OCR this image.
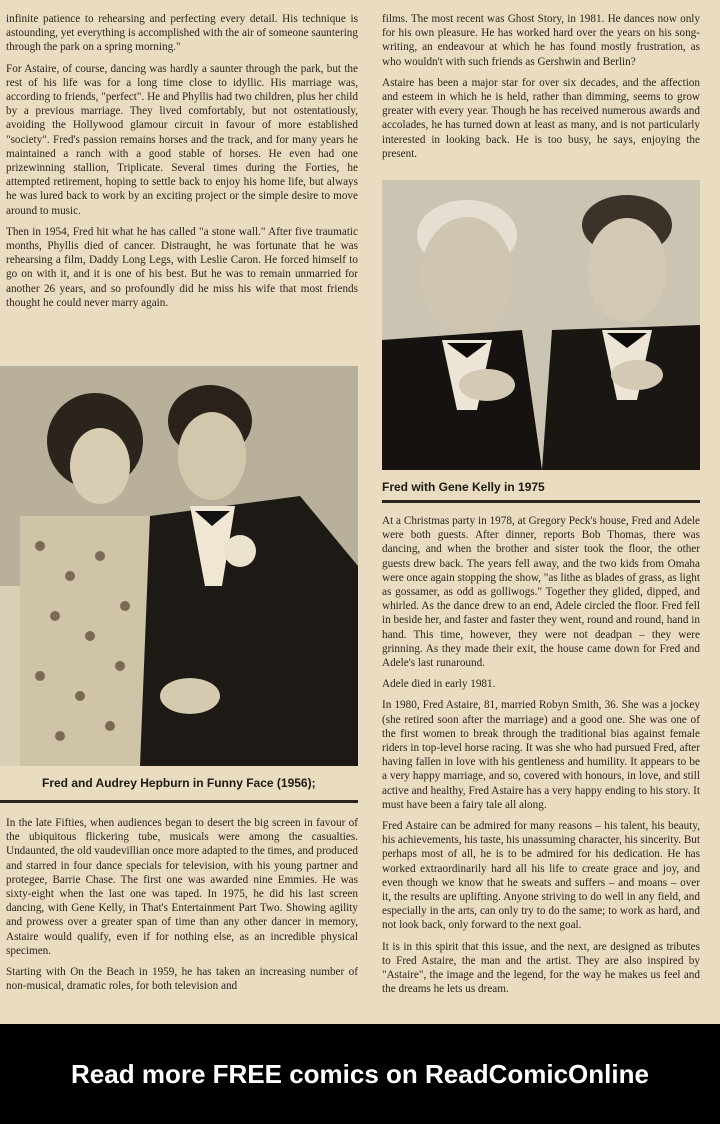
infinite patience to rehearsing and perfecting every detail. His technique is astounding, yet everything is accomplished with the air of someone sauntering through the park on a spring morning."

For Astaire, of course, dancing was hardly a saunter through the park, but the rest of his life was for a long time close to idyllic. His marriage was, according to friends, "perfect". He and Phyllis had two children, plus her child by a previous marriage. They lived comfortably, but not ostentatiously, avoiding the Hollywood glamour circuit in favour of more established "society". Fred's passion remains horses and the track, and for many years he maintained a ranch with a good stable of horses. He even had one prizewinning stallion, Triplicate. Several times during the Forties, he attempted retirement, hoping to settle back to enjoy his home life, but always he was lured back to work by an exciting project or the simple desire to move around to music.

Then in 1954, Fred hit what he has called "a stone wall." After five traumatic months, Phyllis died of cancer. Distraught, he was fortunate that he was rehearsing a film, Daddy Long Legs, with Leslie Caron. He forced himself to go on with it, and it is one of his best. But he was to remain unmarried for another 26 years, and so profoundly did he miss his wife that most friends thought he could never marry again.

Fred and Audrey Hepburn in Funny Face (1956);

In the late Fifties, when audiences began to desert the big screen in favour of the ubiquitous flickering tube, musicals were among the casualties. Undaunted, the old vaudevillian once more adapted to the times, and produced and starred in four dance specials for television, with his young partner and protegee, Barrie Chase. The first one was awarded nine Emmies. He was sixty-eight when the last one was taped. In 1975, he did his last screen dancing, with Gene Kelly, in That's Entertainment Part Two. Showing agility and prowess over a greater span of time than any other dancer in memory, Astaire would qualify, even if for nothing else, as an incredible physical specimen.

Starting with On the Beach in 1959, he has taken an increasing number of non-musical, dramatic roles, for both television and

films. The most recent was Ghost Story, in 1981. He dances now only for his own pleasure. He has worked hard over the years on his song-writing, an endeavour at which he has found mostly frustration, as who wouldn't with such friends as Gershwin and Berlin?

Astaire has been a major star for over six decades, and the affection and esteem in which he is held, rather than dimming, seems to grow greater with every year. Though he has received numerous awards and accolades, he has turned down at least as many, and is not particularly interested in looking back. He is too busy, he says, enjoying the present.

Fred with Gene Kelly in 1975

At a Christmas party in 1978, at Gregory Peck's house, Fred and Adele were both guests. After dinner, reports Bob Thomas, there was dancing, and when the brother and sister took the floor, the other guests drew back. The years fell away, and the two kids from Omaha were once again stopping the show, "as lithe as blades of grass, as light as gossamer, as odd as golliwogs." Together they glided, dipped, and whirled. As the dance drew to an end, Adele circled the floor. Fred fell in beside her, and faster and faster they went, round and round, hand in hand. This time, however, they were not deadpan – they were grinning. As they made their exit, the house came down for Fred and Adele's last runaround.

Adele died in early 1981.

In 1980, Fred Astaire, 81, married Robyn Smith, 36. She was a jockey (she retired soon after the marriage) and a good one. She was one of the first women to break through the traditional bias against female riders in top-level horse racing. It was she who had pursued Fred, after having fallen in love with his gentleness and humility. It appears to be a very happy marriage, and so, covered with honours, in love, and still active and healthy, Fred Astaire has a very happy ending to his story. It must have been a fairy tale all along.

Fred Astaire can be admired for many reasons – his talent, his beauty, his achievements, his taste, his unassuming character, his sincerity. But perhaps most of all, he is to be admired for his dedication. He has worked extraordinarily hard all his life to create grace and joy, and even though we know that he sweats and suffers – and moans – over it, the results are uplifting. Anyone striving to do well in any field, and especially in the arts, can only try to do the same; to work as hard, and not look back, only forward to the next goal.

It is in this spirit that this issue, and the next, are designed as tributes to Fred Astaire, the man and the artist. They are also inspired by "Astaire", the image and the legend, for the way he makes us feel and the dreams he lets us dream.

Read more FREE comics on ReadComicOnline
